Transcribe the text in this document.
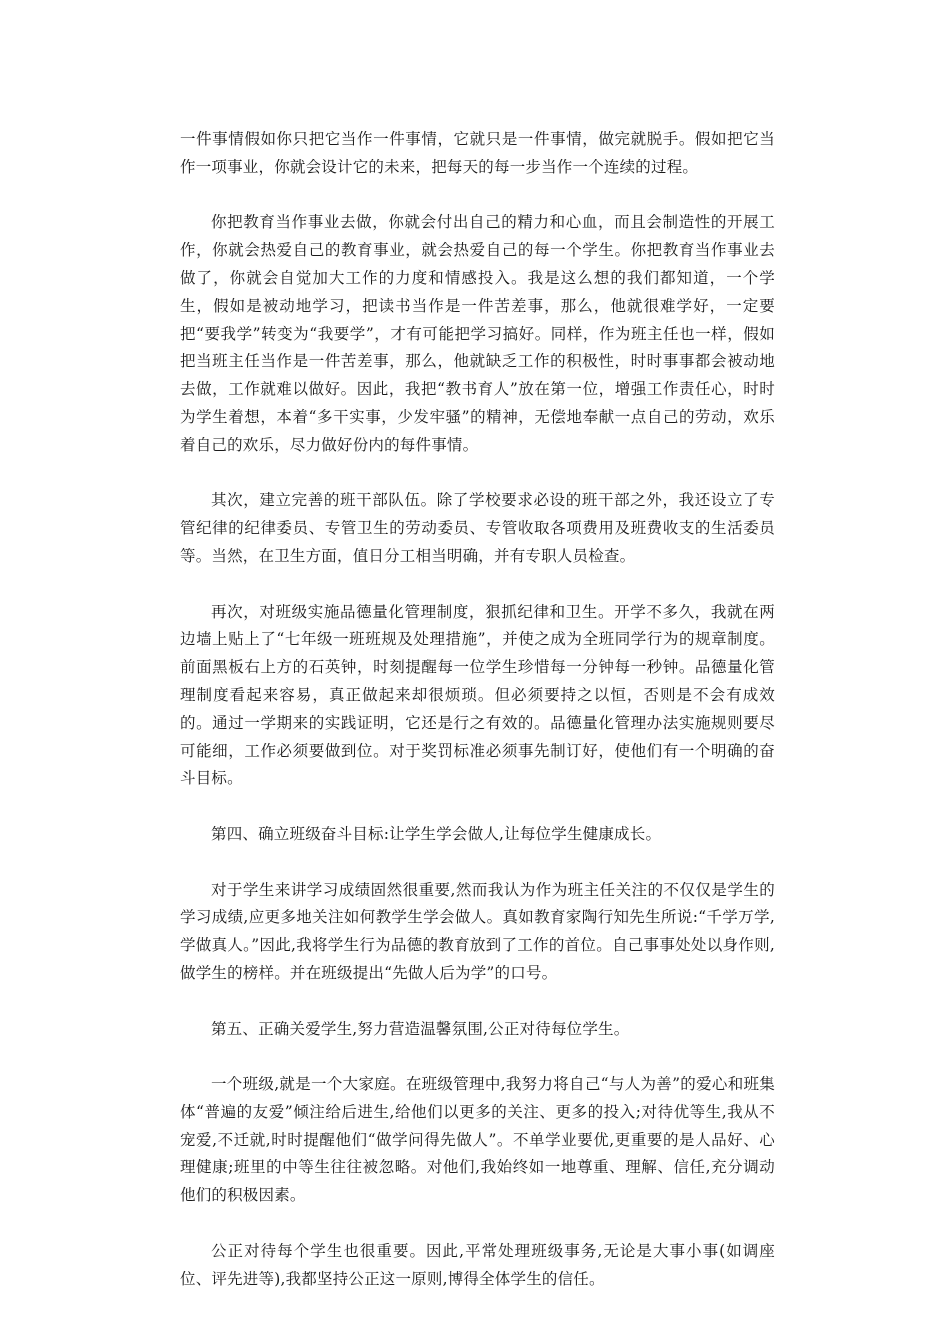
一件事情假如你只把它当作一件事情，它就只是一件事情，做完就脱手。假如把它当作一项事业，你就会设计它的未来，把每天的每一步当作一个连续的过程。

你把教育当作事业去做，你就会付出自己的精力和心血，而且会制造性的开展工作，你就会热爱自己的教育事业，就会热爱自己的每一个学生。你把教育当作事业去做了，你就会自觉加大工作的力度和情感投入。我是这么想的我们都知道，一个学生，假如是被动地学习，把读书当作是一件苦差事，那么，他就很难学好，一定要把“要我学”转变为“我要学”，才有可能把学习搞好。同样，作为班主任也一样，假如把当班主任当作是一件苦差事，那么，他就缺乏工作的积极性，时时事事都会被动地去做，工作就难以做好。因此，我把“教书育人”放在第一位，增强工作责任心，时时为学生着想，本着“多干实事，少发牢骚”的精神，无偿地奉献一点自己的劳动，欢乐着自己的欢乐，尽力做好份内的每件事情。

其次，建立完善的班干部队伍。除了学校要求必设的班干部之外，我还设立了专管纪律的纪律委员、专管卫生的劳动委员、专管收取各项费用及班费收支的生活委员等。当然，在卫生方面，值日分工相当明确，并有专职人员检查。

再次，对班级实施品德量化管理制度，狠抓纪律和卫生。开学不多久，我就在两边墙上贴上了“七年级一班班规及处理措施”，并使之成为全班同学行为的规章制度。前面黑板右上方的石英钟，时刻提醒每一位学生珍惜每一分钟每一秒钟。品德量化管理制度看起来容易，真正做起来却很烦琐。但必须要持之以恒，否则是不会有成效的。通过一学期来的实践证明，它还是行之有效的。品德量化管理办法实施规则要尽可能细，工作必须要做到位。对于奖罚标准必须事先制订好，使他们有一个明确的奋斗目标。

第四、确立班级奋斗目标:让学生学会做人,让每位学生健康成长。

对于学生来讲学习成绩固然很重要,然而我认为作为班主任关注的不仅仅是学生的学习成绩,应更多地关注如何教学生学会做人。真如教育家陶行知先生所说:“千学万学,学做真人。”因此,我将学生行为品德的教育放到了工作的首位。自己事事处处以身作则,做学生的榜样。并在班级提出“先做人后为学”的口号。

第五、正确关爱学生,努力营造温馨氛围,公正对待每位学生。

一个班级,就是一个大家庭。在班级管理中,我努力将自己“与人为善”的爱心和班集体“普遍的友爱”倾注给后进生,给他们以更多的关注、更多的投入;对待优等生,我从不宠爱,不迁就,时时提醒他们“做学问得先做人”。不单学业要优,更重要的是人品好、心理健康;班里的中等生往往被忽略。对他们,我始终如一地尊重、理解、信任,充分调动他们的积极因素。

公正对待每个学生也很重要。因此,平常处理班级事务,无论是大事小事(如调座位、评先进等),我都坚持公正这一原则,博得全体学生的信任。
